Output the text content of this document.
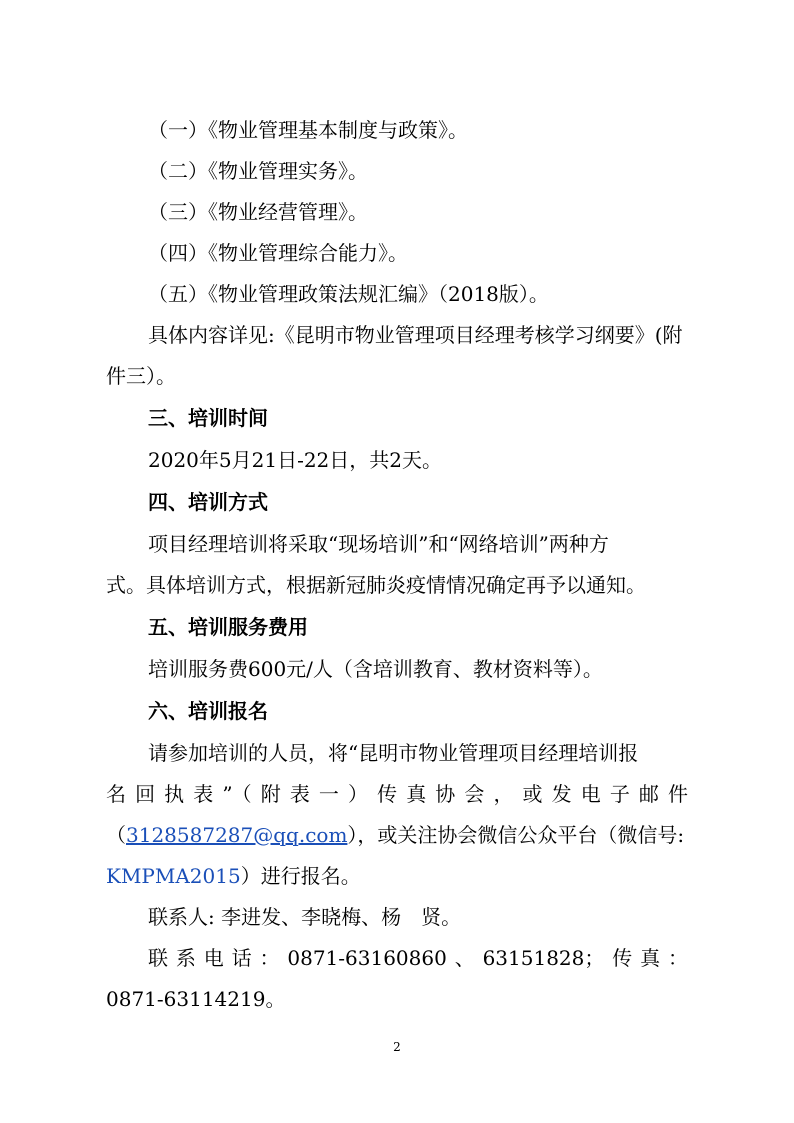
（一）《物业管理基本制度与政策》。
（二）《物业管理实务》。
（三）《物业经营管理》。
（四）《物业管理综合能力》。
（五）《物业管理政策法规汇编》（2018版）。
具体内容详见:《昆明市物业管理项目经理考核学习纲要》(附
件三）。
三、培训时间
2020年5月21日-22日，共2天。
四、培训方式
项目经理培训将采取“现场培训”和“网络培训”两种方
式。具体培训方式，根据新冠肺炎疫情情况确定再予以通知。
五、培训服务费用
培训服务费600元/人（含培训教育、教材资料等）。
六、培训报名
请参加培训的人员，将“昆明市物业管理项目经理培训报
名回执表”（附表一）传真协会，或发电子邮件
（3128587287@qq.com），或关注协会微信公众平台（微信号:
KMPMA2015）进行报名。
联系人: 李进发、李晓梅、杨　贤。
联系电话：0871-63160860、63151828；传真：
0871-63114219。
2
